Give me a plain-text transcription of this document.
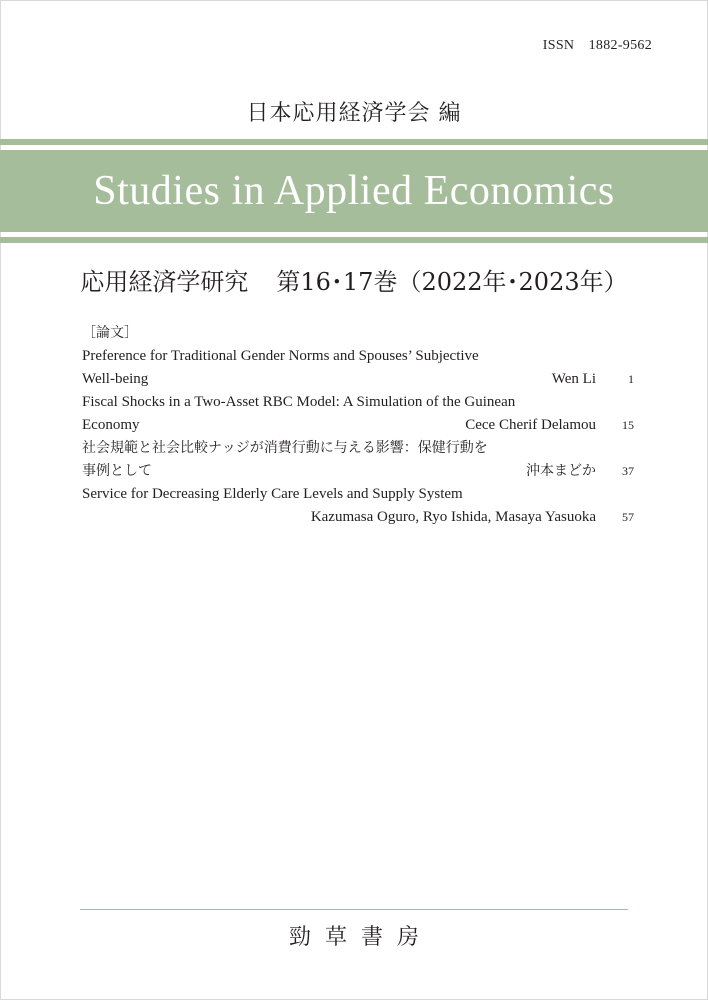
ISSN　1882-9562
日本応用経済学会 編
Studies in Applied Economics
応用経済学研究 第16･17巻（2022年･2023年）
［論文］
Preference for Traditional Gender Norms and Spouses’ Subjective
Well-being	Wen Li	1
Fiscal Shocks in a Two-Asset RBC Model: A Simulation of the Guinean
Economy	Cece Cherif Delamou	15
社会規範と社会比較ナッジが消費行動に与える影響：保健行動を
事例として	沖本まどか	37
Service for Decreasing Elderly Care Levels and Supply System
Kazumasa Oguro, Ryo Ishida, Masaya Yasuoka	57
勁草書房
